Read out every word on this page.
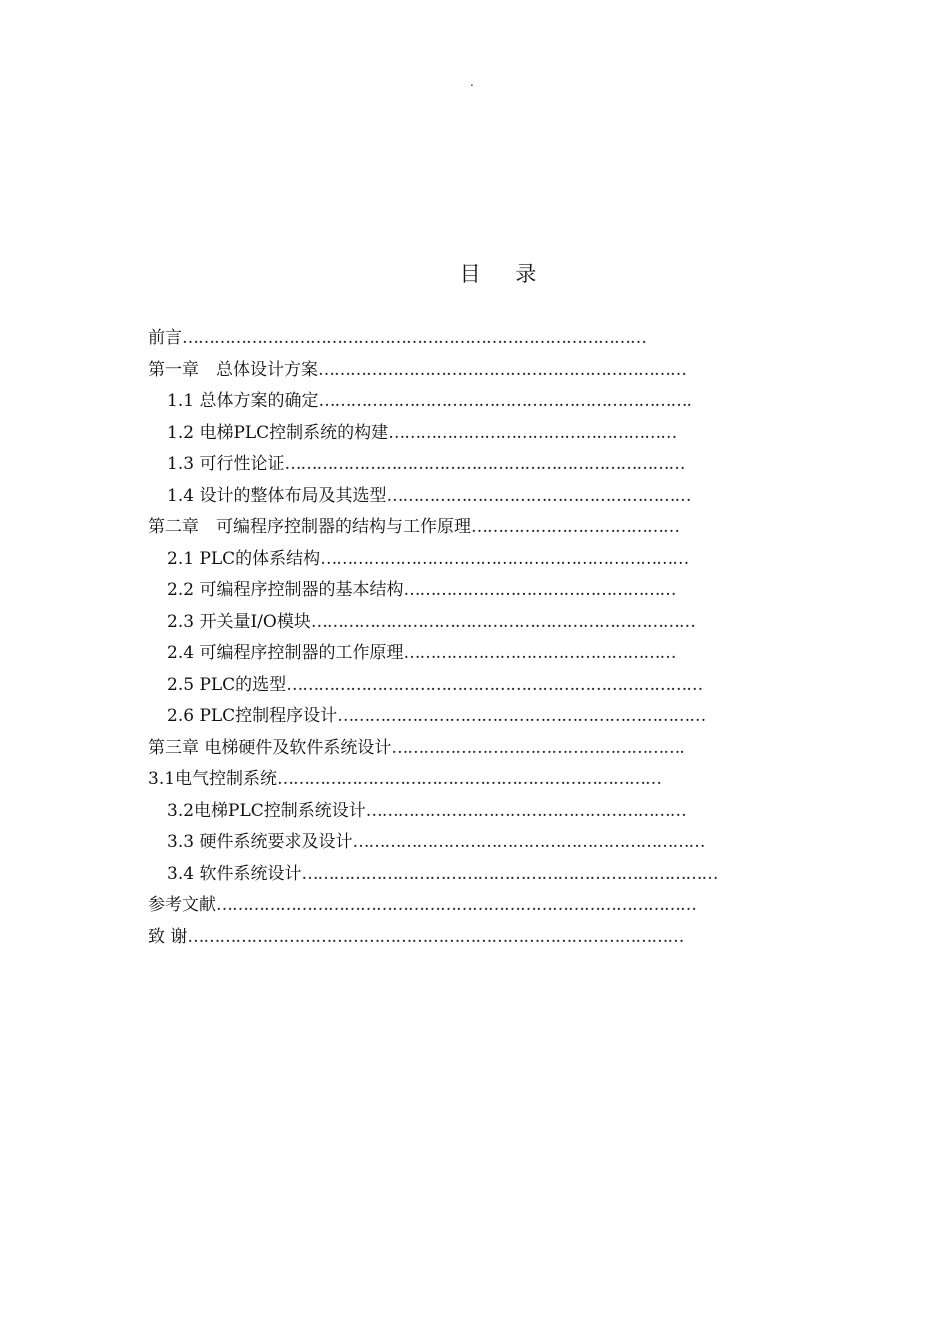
.
目 录
前言……………………………………………………………………………
第一章　总体设计方案……………………………………………………………
1.1 总体方案的确定…………………………………………………………….
1.2 电梯PLC控制系统的构建………………………………………………
1.3 可行性论证…………………………………………………………………
1.4 设计的整体布局及其选型…………………………………………………
第二章　可编程序控制器的结构与工作原理…………………………………
2.1 PLC的体系结构……………………………………………………………
2.2 可编程序控制器的基本结构……………………………………………
2.3 开关量I/O模块………………………………………………………………
2.4 可编程序控制器的工作原理……………………………………………
2.5 PLC的选型……………………………………………………………………
2.6 PLC控制程序设计……………………………………………………………
第三章 电梯硬件及软件系统设计……………………………………………….
3.1电气控制系统………………………………………………………………
3.2电梯PLC控制系统设计……………………………………………………
3.3 硬件系统要求及设计…………………………………………………………
3.4 软件系统设计……………………………………………………………………
参考文献………………………………………………………………………………
致 谢…………………………………………………………………………………
